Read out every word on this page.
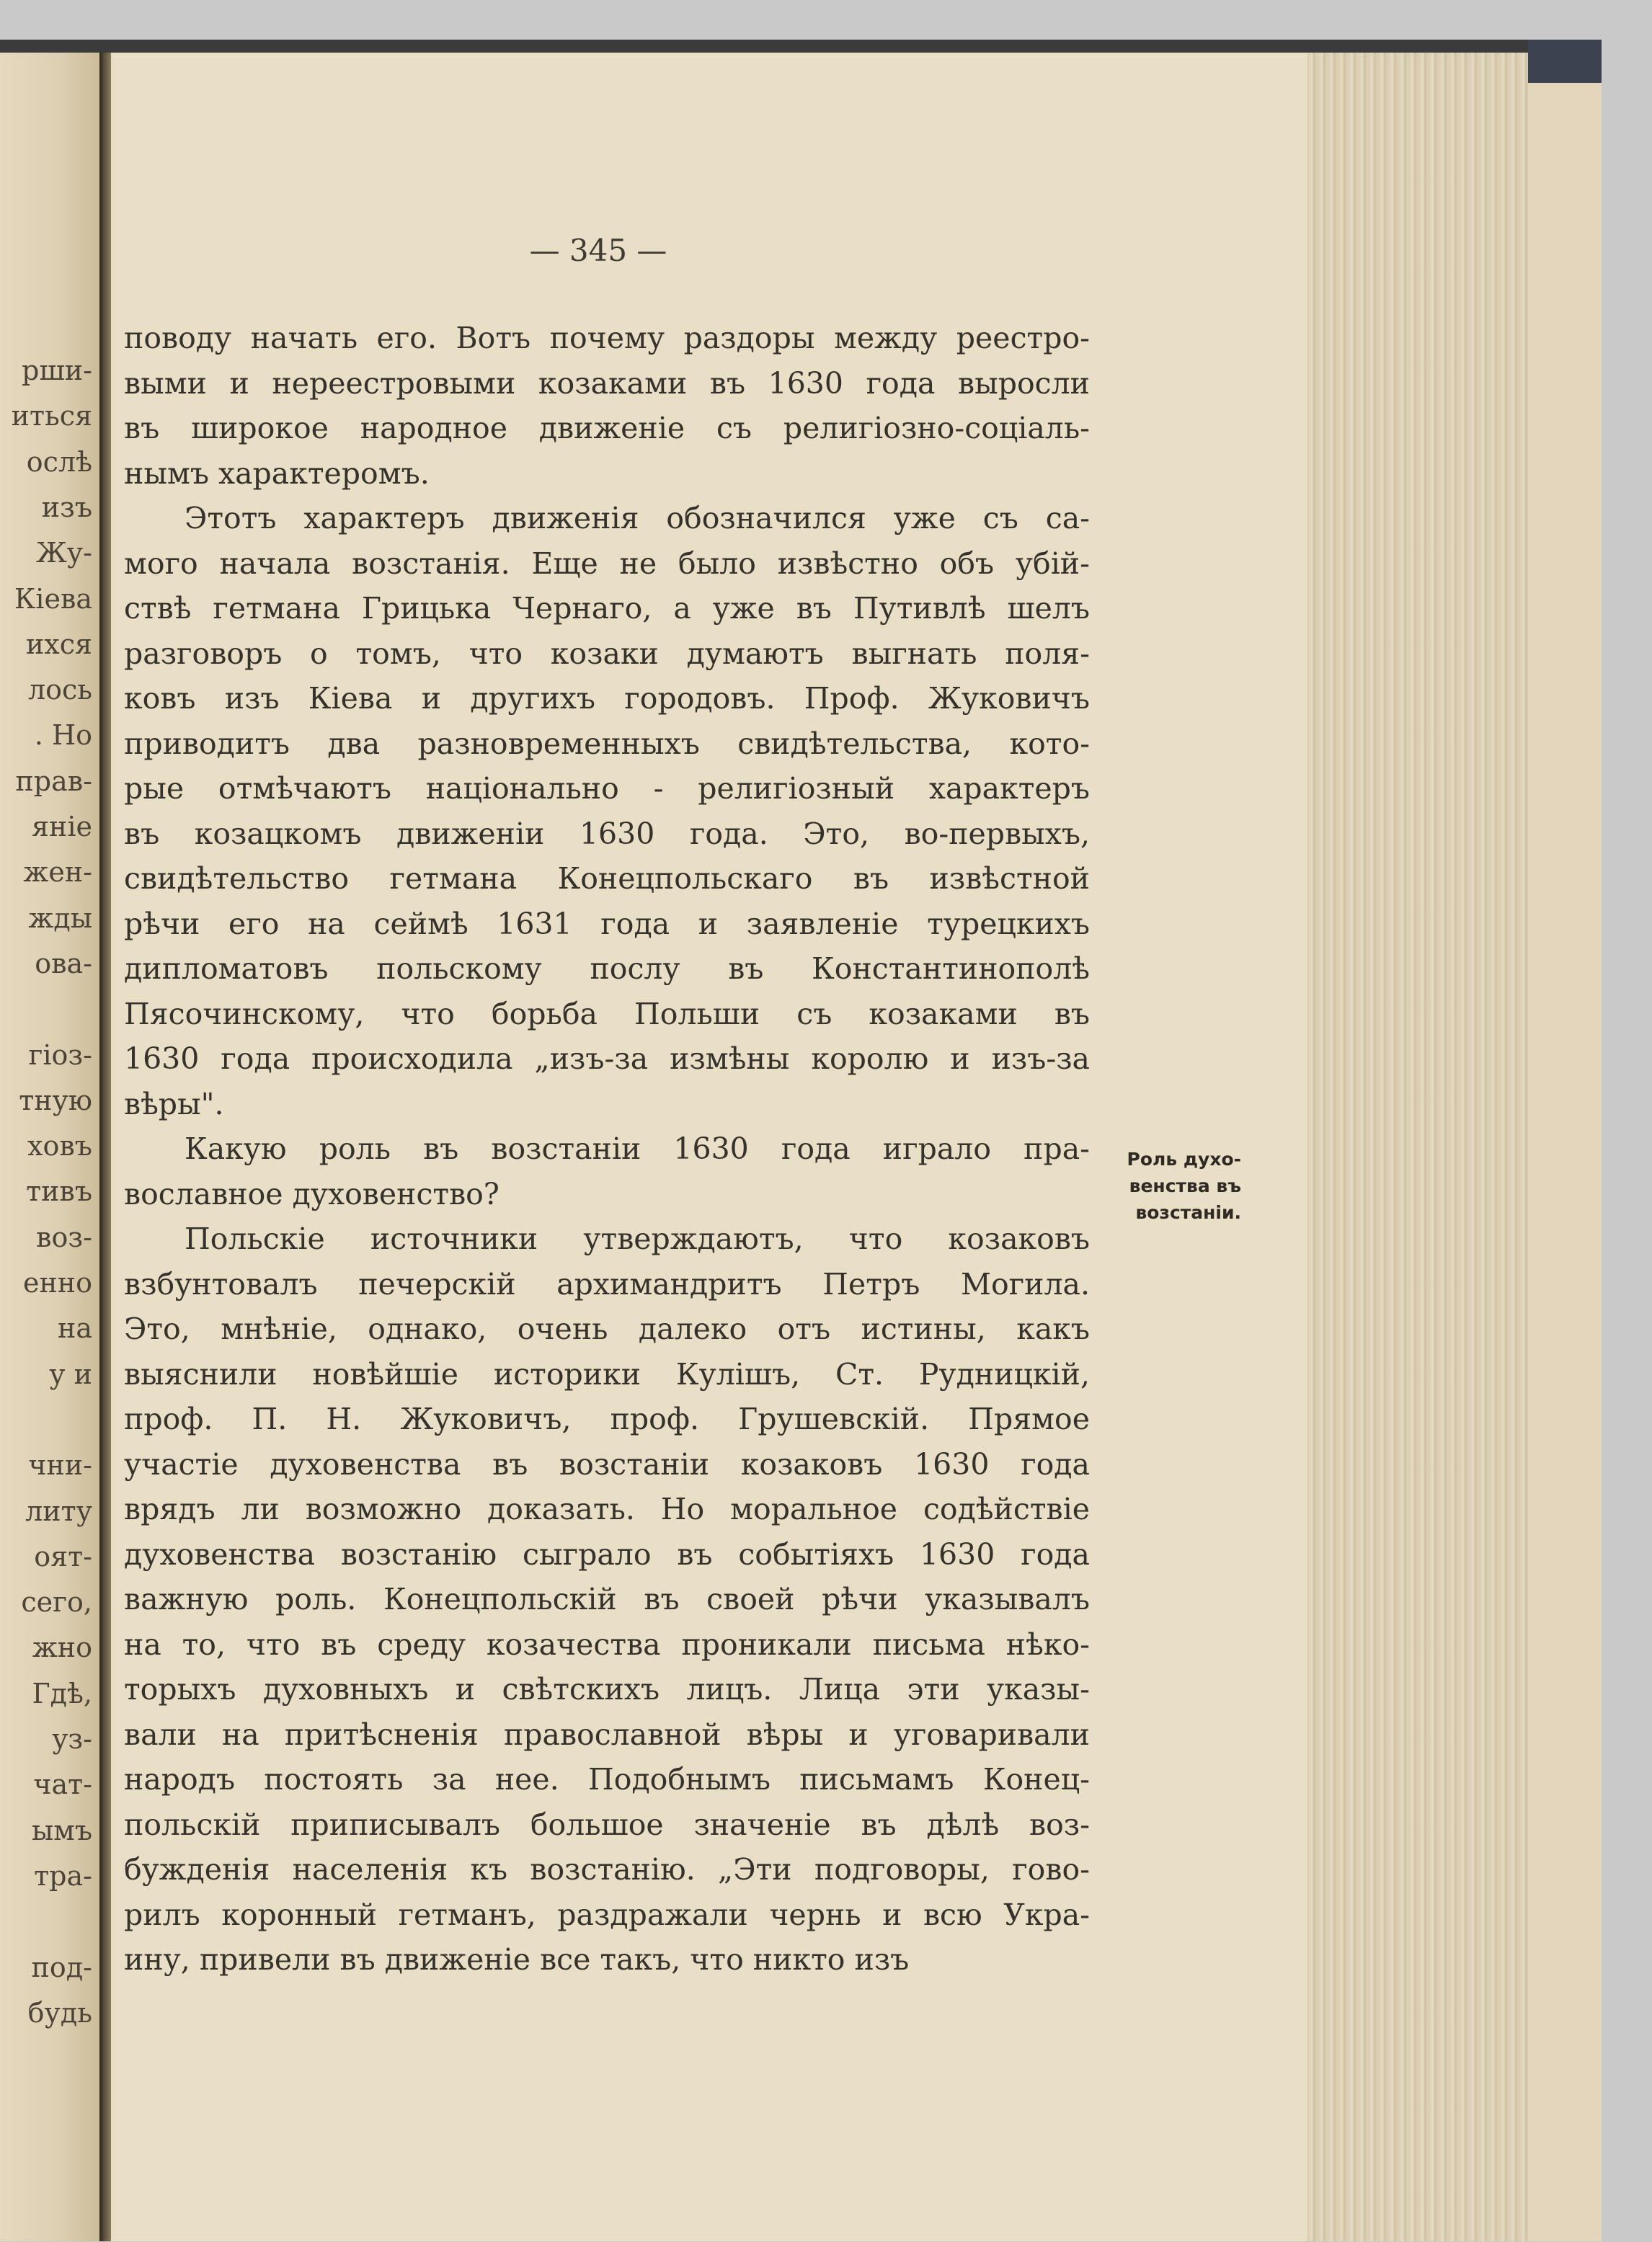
рши-
иться
ослѣ
изъ
Жу-
Кіева
ихся
лось
. Но
прав-
яніе
жен-
жды
ова-
гіоз-
тную
ховъ
тивъ
воз-
енно
на
у и
чни-
литу
оят-
сего,
жно
Гдѣ,
уз-
чат-
ымъ
тра-
под-
будь
— 345 —
поводу начать его. Вотъ почему раздоры между реестро-
выми и нереестровыми козаками въ 1630 года выросли
въ широкое народное движеніе съ религіозно-соціаль-
нымъ характеромъ.
Этотъ характеръ движенія обозначился уже съ са-
мого начала возстанія. Еще не было извѣстно объ убій-
ствѣ гетмана Грицька Чернаго, а уже въ Путивлѣ шелъ
разговоръ о томъ, что козаки думаютъ выгнать поля-
ковъ изъ Кіева и другихъ городовъ. Проф. Жуковичъ
приводитъ два разновременныхъ свидѣтельства, кото-
рые отмѣчаютъ національно - религіозный характеръ
въ козацкомъ движеніи 1630 года. Это, во-первыхъ,
свидѣтельство гетмана Конецпольскаго въ извѣстной
рѣчи его на сеймѣ 1631 года и заявленіе турецкихъ
дипломатовъ польскому послу въ Константинополѣ
Пясочинскому, что борьба Польши съ козаками въ
1630 года происходила „изъ-за измѣны королю и изъ-за
вѣры".
Какую роль въ возстаніи 1630 года играло пра-
вославное духовенство?
Польскіе источники утверждаютъ, что козаковъ
взбунтовалъ печерскій архимандритъ Петръ Могила.
Это, мнѣніе, однако, очень далеко отъ истины, какъ
выяснили новѣйшіе историки Кулішъ, Ст. Рудницкій,
проф. П. Н. Жуковичъ, проф. Грушевскій. Прямое
участіе духовенства въ возстаніи козаковъ 1630 года
врядъ ли возможно доказать. Но моральное содѣйствіе
духовенства возстанію сыграло въ событіяхъ 1630 года
важную роль. Конецпольскій въ своей рѣчи указывалъ
на то, что въ среду козачества проникали письма нѣко-
торыхъ духовныхъ и свѣтскихъ лицъ. Лица эти указы-
вали на притѣсненія православной вѣры и уговаривали
народъ постоять за нее. Подобнымъ письмамъ Конец-
польскій приписывалъ большое значеніе въ дѣлѣ воз-
бужденія населенія къ возстанію. „Эти подговоры, гово-
рилъ коронный гетманъ, раздражали чернь и всю Укра-
ину, привели въ движеніе все такъ, что никто изъ
Роль духо-
венства въ
возстаніи.
